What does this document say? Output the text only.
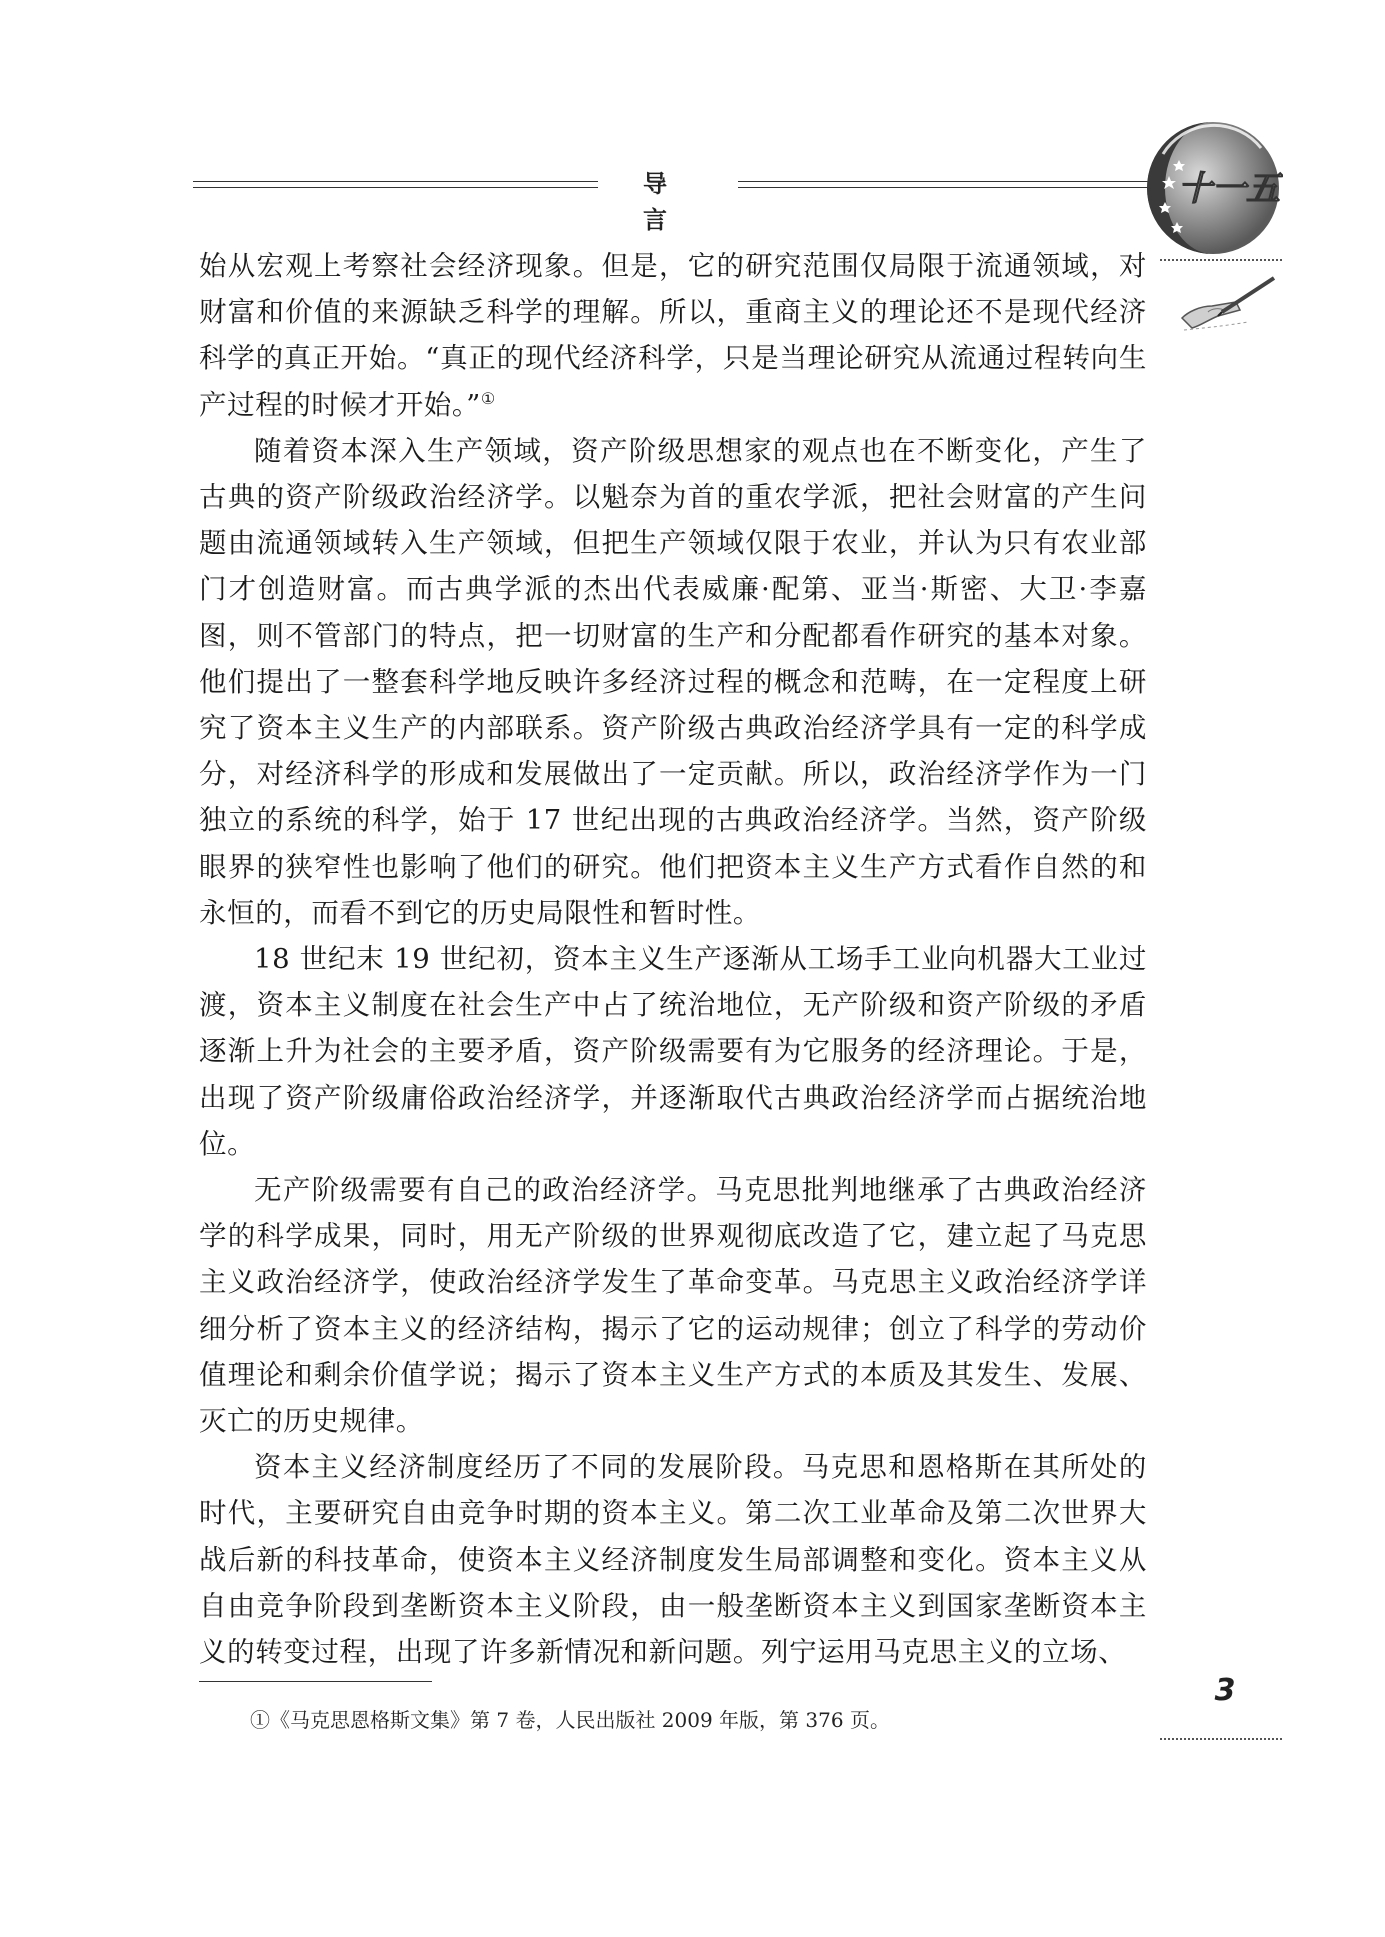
导 言
十一五

始从宏观上考察社会经济现象。但是，它的研究范围仅局限于流通领域，对财富和价值的来源缺乏科学的理解。所以，重商主义的理论还不是现代经济科学的真正开始。“真正的现代经济科学，只是当理论研究从流通过程转向生产过程的时候才开始。”①

随着资本深入生产领域，资产阶级思想家的观点也在不断变化，产生了古典的资产阶级政治经济学。以魁奈为首的重农学派，把社会财富的产生问题由流通领域转入生产领域，但把生产领域仅限于农业，并认为只有农业部门才创造财富。而古典学派的杰出代表威廉·配第、亚当·斯密、大卫·李嘉图，则不管部门的特点，把一切财富的生产和分配都看作研究的基本对象。他们提出了一整套科学地反映许多经济过程的概念和范畴，在一定程度上研究了资本主义生产的内部联系。资产阶级古典政治经济学具有一定的科学成分，对经济科学的形成和发展做出了一定贡献。所以，政治经济学作为一门独立的系统的科学，始于 17 世纪出现的古典政治经济学。当然，资产阶级眼界的狭窄性也影响了他们的研究。他们把资本主义生产方式看作自然的和永恒的，而看不到它的历史局限性和暂时性。

18 世纪末 19 世纪初，资本主义生产逐渐从工场手工业向机器大工业过渡，资本主义制度在社会生产中占了统治地位，无产阶级和资产阶级的矛盾逐渐上升为社会的主要矛盾，资产阶级需要有为它服务的经济理论。于是，出现了资产阶级庸俗政治经济学，并逐渐取代古典政治经济学而占据统治地位。

无产阶级需要有自己的政治经济学。马克思批判地继承了古典政治经济学的科学成果，同时，用无产阶级的世界观彻底改造了它，建立起了马克思主义政治经济学，使政治经济学发生了革命变革。马克思主义政治经济学详细分析了资本主义的经济结构，揭示了它的运动规律；创立了科学的劳动价值理论和剩余价值学说；揭示了资本主义生产方式的本质及其发生、发展、灭亡的历史规律。

资本主义经济制度经历了不同的发展阶段。马克思和恩格斯在其所处的时代，主要研究自由竞争时期的资本主义。第二次工业革命及第二次世界大战后新的科技革命，使资本主义经济制度发生局部调整和变化。资本主义从自由竞争阶段到垄断资本主义阶段，由一般垄断资本主义到国家垄断资本主义的转变过程，出现了许多新情况和新问题。列宁运用马克思主义的立场、

①《马克思恩格斯文集》第 7 卷，人民出版社 2009 年版，第 376 页。
3
